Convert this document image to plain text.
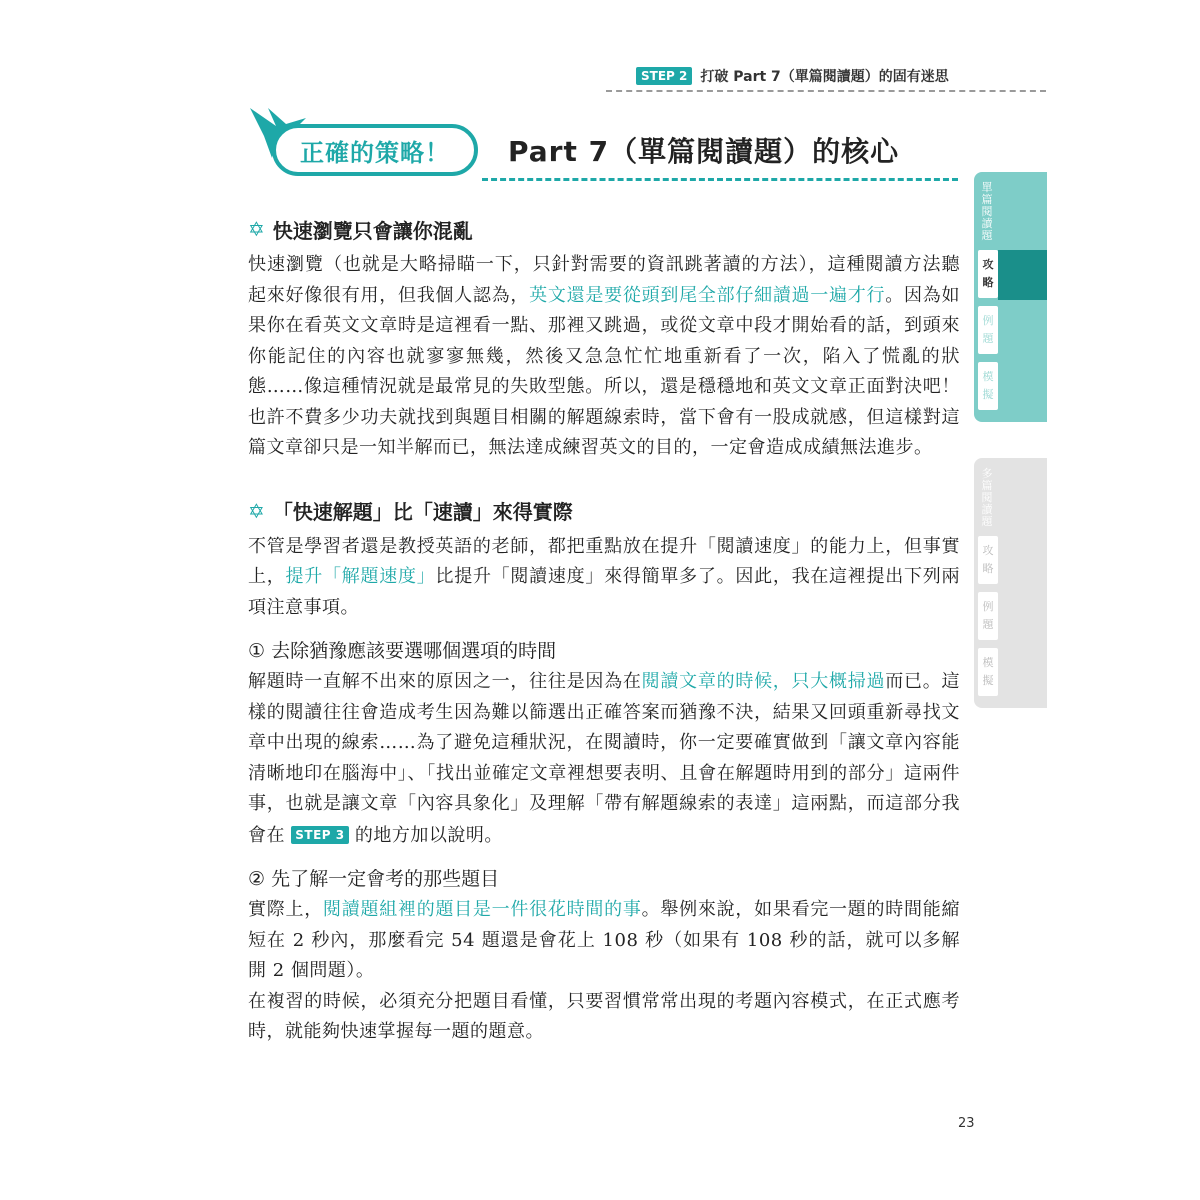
STEP 2 打破 Part 7（單篇閱讀題）的固有迷思
正確的策略！ Part 7（單篇閱讀題）的核心
✡ 快速瀏覽只會讓你混亂

快速瀏覽（也就是大略掃瞄一下，只針對需要的資訊跳著讀的方法），這種閱讀方法聽起來好像很有用，但我個人認為，英文還是要從頭到尾全部仔細讀過一遍才行。因為如果你在看英文文章時是這裡看一點、那裡又跳過，或從文章中段才開始看的話，到頭來你能記住的內容也就寥寥無幾，然後又急急忙忙地重新看了一次，陷入了慌亂的狀態……像這種情況就是最常見的失敗型態。所以，還是穩穩地和英文文章正面對決吧！也許不費多少功夫就找到與題目相關的解題線索時，當下會有一股成就感，但這樣對這篇文章卻只是一知半解而已，無法達成練習英文的目的，一定會造成成績無法進步。

✡ 「快速解題」比「速讀」來得實際

不管是學習者還是教授英語的老師，都把重點放在提升「閱讀速度」的能力上，但事實上，提升「解題速度」比提升「閱讀速度」來得簡單多了。因此，我在這裡提出下列兩項注意事項。

① 去除猶豫應該要選哪個選項的時間

解題時一直解不出來的原因之一，往往是因為在閱讀文章的時候，只大概掃過而已。這樣的閱讀往往會造成考生因為難以篩選出正確答案而猶豫不決，結果又回頭重新尋找文章中出現的線索……為了避免這種狀況，在閱讀時，你一定要確實做到「讓文章內容能清晰地印在腦海中」、「找出並確定文章裡想要表明、且會在解題時用到的部分」這兩件事，也就是讓文章「內容具象化」及理解「帶有解題線索的表達」這兩點，而這部分我會在 STEP 3 的地方加以說明。

② 先了解一定會考的那些題目

實際上，閱讀題組裡的題目是一件很花時間的事。舉例來說，如果看完一題的時間能縮短在 2 秒內，那麼看完 54 題還是會花上 108 秒（如果有 108 秒的話，就可以多解開 2 個問題）。

在複習的時候，必須充分把題目看懂，只要習慣常常出現的考題內容模式，在正式應考時，就能夠快速掌握每一題的題意。

單
篇
閱
讀
題
攻
略
例
題
模
擬
多
篇
閱
讀
題
攻
略
例
題
模
擬
23
